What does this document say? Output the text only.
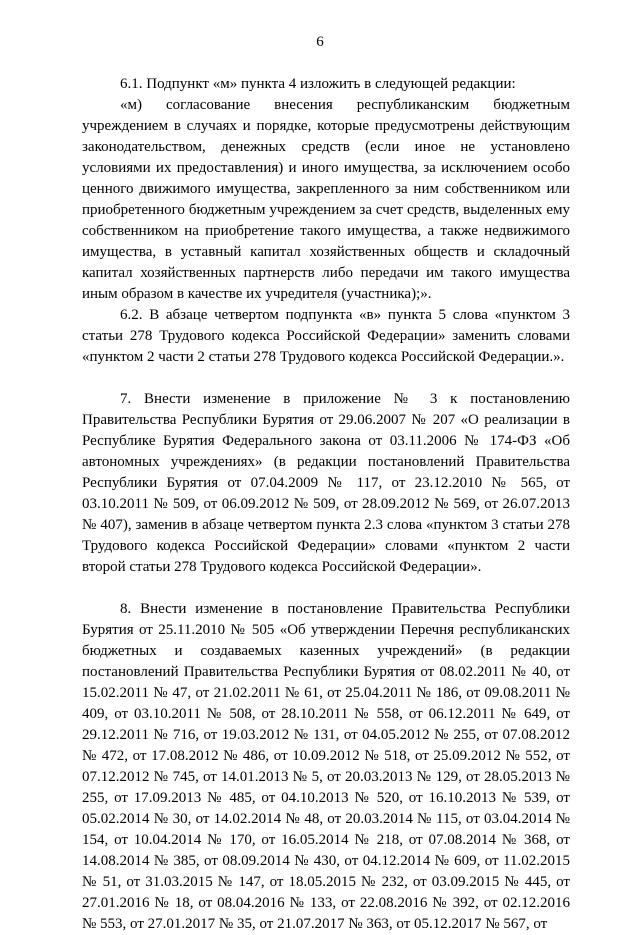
6

6.1. Подпункт «м» пункта 4 изложить в следующей редакции:

«м) согласование внесения республиканским бюджетным учреждением в случаях и порядке, которые предусмотрены действующим законодательством, денежных средств (если иное не установлено условиями их предоставления) и иного имущества, за исключением особо ценного движимого имущества, закрепленного за ним собственником или приобретенного бюджетным учреждением за счет средств, выделенных ему собственником на приобретение такого имущества, а также недвижимого имущества, в уставный капитал хозяйственных обществ и складочный капитал хозяйственных партнерств либо передачи им такого имущества иным образом в качестве их учредителя (участника);».

6.2. В абзаце четвертом подпункта «в» пункта 5 слова «пунктом 3 статьи 278 Трудового кодекса Российской Федерации» заменить словами «пунктом 2 части 2 статьи 278 Трудового кодекса Российской Федерации.».

7. Внести изменение в приложение № 3 к постановлению Правительства Республики Бурятия от 29.06.2007 № 207 «О реализации в Республике Бурятия Федерального закона от 03.11.2006 № 174-ФЗ «Об автономных учреждениях» (в редакции постановлений Правительства Республики Бурятия от 07.04.2009 № 117, от 23.12.2010 № 565, от 03.10.2011 № 509, от 06.09.2012 № 509, от 28.09.2012 № 569, от 26.07.2013 № 407), заменив в абзаце четвертом пункта 2.3 слова «пунктом 3 статьи 278 Трудового кодекса Российской Федерации» словами «пунктом 2 части второй статьи 278 Трудового кодекса Российской Федерации».

8. Внести изменение в постановление Правительства Республики Бурятия от 25.11.2010 № 505 «Об утверждении Перечня республиканских бюджетных и создаваемых казенных учреждений» (в редакции постановлений Правительства Республики Бурятия от 08.02.2011 № 40, от 15.02.2011 № 47, от 21.02.2011 № 61, от 25.04.2011 № 186, от 09.08.2011 № 409, от 03.10.2011 № 508, от 28.10.2011 № 558, от 06.12.2011 № 649, от 29.12.2011 № 716, от 19.03.2012 № 131, от 04.05.2012 № 255, от 07.08.2012 № 472, от 17.08.2012 № 486, от 10.09.2012 № 518, от 25.09.2012 № 552, от 07.12.2012 № 745, от 14.01.2013 № 5, от 20.03.2013 № 129, от 28.05.2013 № 255, от 17.09.2013 № 485, от 04.10.2013 № 520, от 16.10.2013 № 539, от 05.02.2014 № 30, от 14.02.2014 № 48, от 20.03.2014 № 115, от 03.04.2014 № 154, от 10.04.2014 № 170, от 16.05.2014 № 218, от 07.08.2014 № 368, от 14.08.2014 № 385, от 08.09.2014 № 430, от 04.12.2014 № 609, от 11.02.2015 № 51, от 31.03.2015 № 147, от 18.05.2015 № 232, от 03.09.2015 № 445, от 27.01.2016 № 18, от 08.04.2016 № 133, от 22.08.2016 № 392, от 02.12.2016 № 553, от 27.01.2017 № 35, от 21.07.2017 № 363, от 05.12.2017 № 567, от
